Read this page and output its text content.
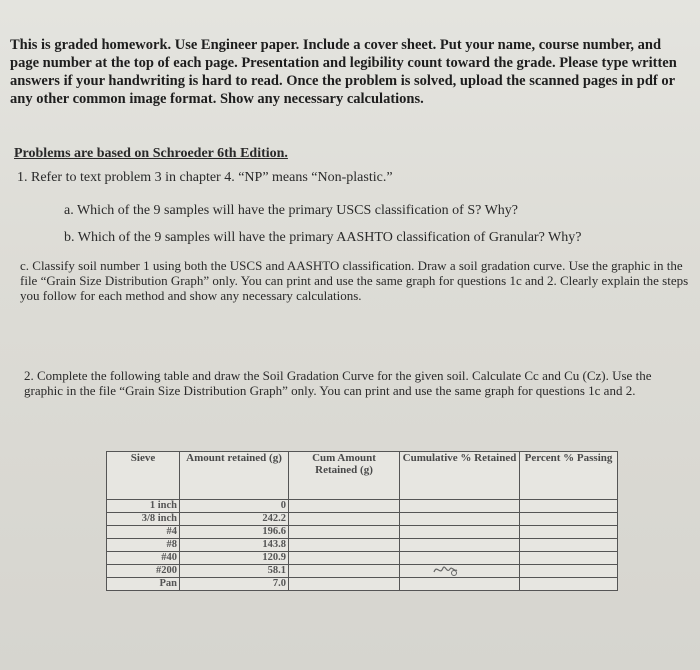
This is graded homework. Use Engineer paper. Include a cover sheet. Put your name, course number, and page number at the top of each page. Presentation and legibility count toward the grade. Please type written answers if your handwriting is hard to read. Once the problem is solved, upload the scanned pages in pdf or any other common image format. Show any necessary calculations.
Problems are based on Schroeder 6th Edition.
1. Refer to text problem 3 in chapter 4. “NP” means “Non-plastic.”
a. Which of the 9 samples will have the primary USCS classification of S? Why?
b. Which of the 9 samples will have the primary AASHTO classification of Granular? Why?
c. Classify soil number 1 using both the USCS and AASHTO classification. Draw a soil gradation curve. Use the graphic in the file “Grain Size Distribution Graph” only. You can print and use the same graph for questions 1c and 2. Clearly explain the steps you follow for each method and show any necessary calculations.
2. Complete the following table and draw the Soil Gradation Curve for the given soil. Calculate Cc and Cu (Cz). Use the graphic in the file “Grain Size Distribution Graph” only. You can print and use the same graph for questions 1c and 2.
Sieve	Amount retained (g)	Cum Amount Retained (g)	Cumulative % Retained	Percent % Passing
1 inch	0			
3/8 inch	242.2			
#4	196.6			
#8	143.8			
#40	120.9			
#200	58.1			
Pan	7.0			
